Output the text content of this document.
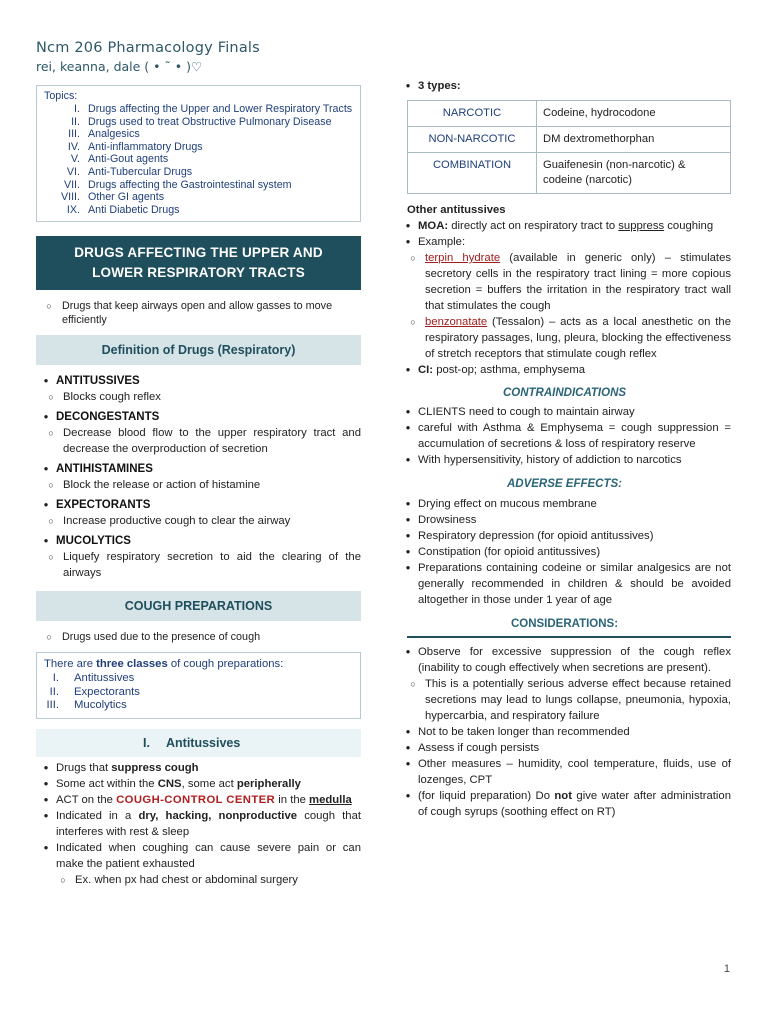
Ncm 206 Pharmacology Finals
rei, keanna, dale ( • ˜ • )♡
Topics:
I. Drugs affecting the Upper and Lower Respiratory Tracts
II. Drugs used to treat Obstructive Pulmonary Disease
III. Analgesics
IV. Anti-inflammatory Drugs
V. Anti-Gout agents
VI. Anti-Tubercular Drugs
VII. Drugs affecting the Gastrointestinal system
VIII. Other GI agents
IX. Anti Diabetic Drugs
DRUGS AFFECTING THE UPPER AND
LOWER RESPIRATORY TRACTS
○ Drugs that keep airways open and allow gasses to move efficiently
Definition of Drugs (Respiratory)
● ANTITUSSIVES
○ Blocks cough reflex
● DECONGESTANTS
○ Decrease blood flow to the upper respiratory tract and decrease the overproduction of secretion
● ANTIHISTAMINES
○ Block the release or action of histamine
● EXPECTORANTS
○ Increase productive cough to clear the airway
● MUCOLYTICS
○ Liquefy respiratory secretion to aid the clearing of the airways
COUGH PREPARATIONS
○ Drugs used due to the presence of cough
There are three classes of cough preparations:
I.	Antitussives
II.	Expectorants
III.	Mucolytics
I. Antitussives
● Drugs that suppress cough
● Some act within the CNS, some act peripherally
● ACT on the COUGH-CONTROL CENTER in the medulla
● Indicated in a dry, hacking, nonproductive cough that interferes with rest & sleep
● Indicated when coughing can cause severe pain or can make the patient exhausted
○ Ex. when px had chest or abdominal surgery
● 3 types:
NARCOTIC	Codeine, hydrocodone
NON-NARCOTIC	DM dextromethorphan
COMBINATION	Guaifenesin (non-narcotic) & codeine (narcotic)
Other antitussives
● MOA: directly act on respiratory tract to suppress coughing
● Example:
○ terpin hydrate (available in generic only) – stimulates secretory cells in the respiratory tract lining = more copious secretion = buffers the irritation in the respiratory tract wall that stimulates the cough
○ benzonatate (Tessalon) – acts as a local anesthetic on the respiratory passages, lung, pleura, blocking the effectiveness of stretch receptors that stimulate cough reflex
● CI: post-op; asthma, emphysema
CONTRAINDICATIONS
● CLIENTS need to cough to maintain airway
● careful with Asthma & Emphysema = cough suppression = accumulation of secretions & loss of respiratory reserve
● With hypersensitivity, history of addiction to narcotics
ADVERSE EFFECTS:
● Drying effect on mucous membrane
● Drowsiness
● Respiratory depression (for opioid antitussives)
● Constipation (for opioid antitussives)
● Preparations containing codeine or similar analgesics are not generally recommended in children & should be avoided altogether in those under 1 year of age
CONSIDERATIONS:
● Observe for excessive suppression of the cough reflex (inability to cough effectively when secretions are present).
○ This is a potentially serious adverse effect because retained secretions may lead to lungs collapse, pneumonia, hypoxia, hypercarbia, and respiratory failure
● Not to be taken longer than recommended
● Assess if cough persists
● Other measures – humidity, cool temperature, fluids, use of lozenges, CPT
● (for liquid preparation) Do not give water after administration of cough syrups (soothing effect on RT)
1
